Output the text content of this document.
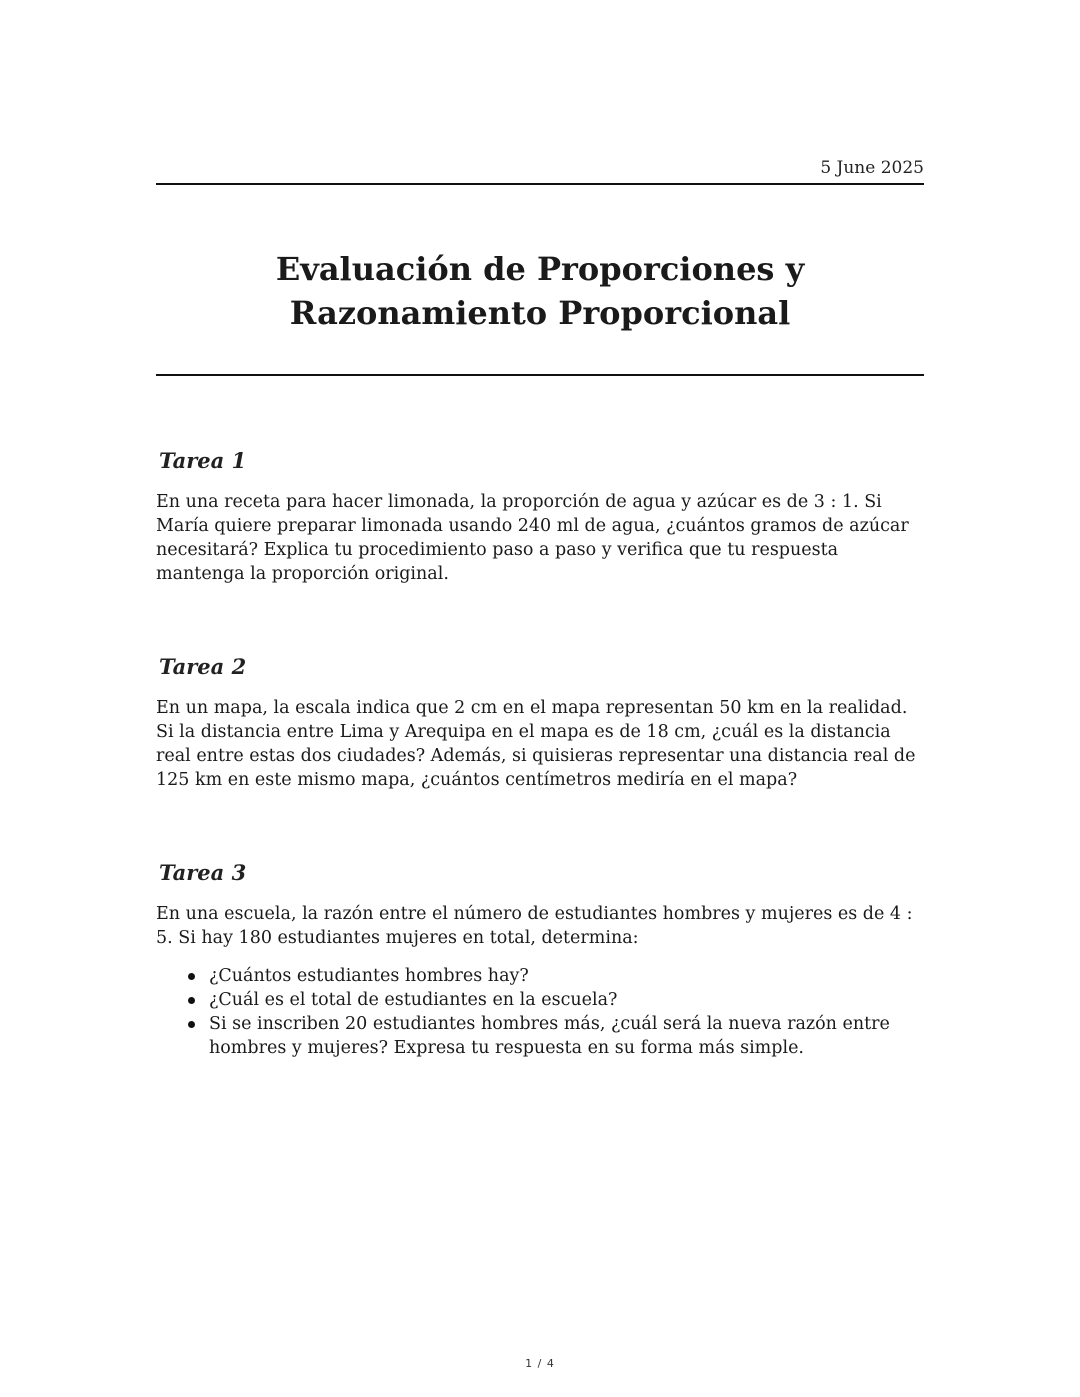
5 June 2025
Evaluación de Proporciones y Razonamiento Proporcional
Tarea 1

En una receta para hacer limonada, la proporción de agua y azúcar es de 3 : 1. Si María quiere preparar limonada usando 240 ml de agua, ¿cuántos gramos de azúcar necesitará? Explica tu procedimiento paso a paso y verifica que tu respuesta mantenga la proporción original.

Tarea 2

En un mapa, la escala indica que 2 cm en el mapa representan 50 km en la realidad. Si la distancia entre Lima y Arequipa en el mapa es de 18 cm, ¿cuál es la distancia real entre estas dos ciudades? Además, si quisieras representar una distancia real de 125 km en este mismo mapa, ¿cuántos centímetros mediría en el mapa?

Tarea 3

En una escuela, la razón entre el número de estudiantes hombres y mujeres es de 4 : 5. Si hay 180 estudiantes mujeres en total, determina:

¿Cuántos estudiantes hombres hay?
¿Cuál es el total de estudiantes en la escuela?
Si se inscriben 20 estudiantes hombres más, ¿cuál será la nueva razón entre hombres y mujeres? Expresa tu respuesta en su forma más simple.
1 / 4
